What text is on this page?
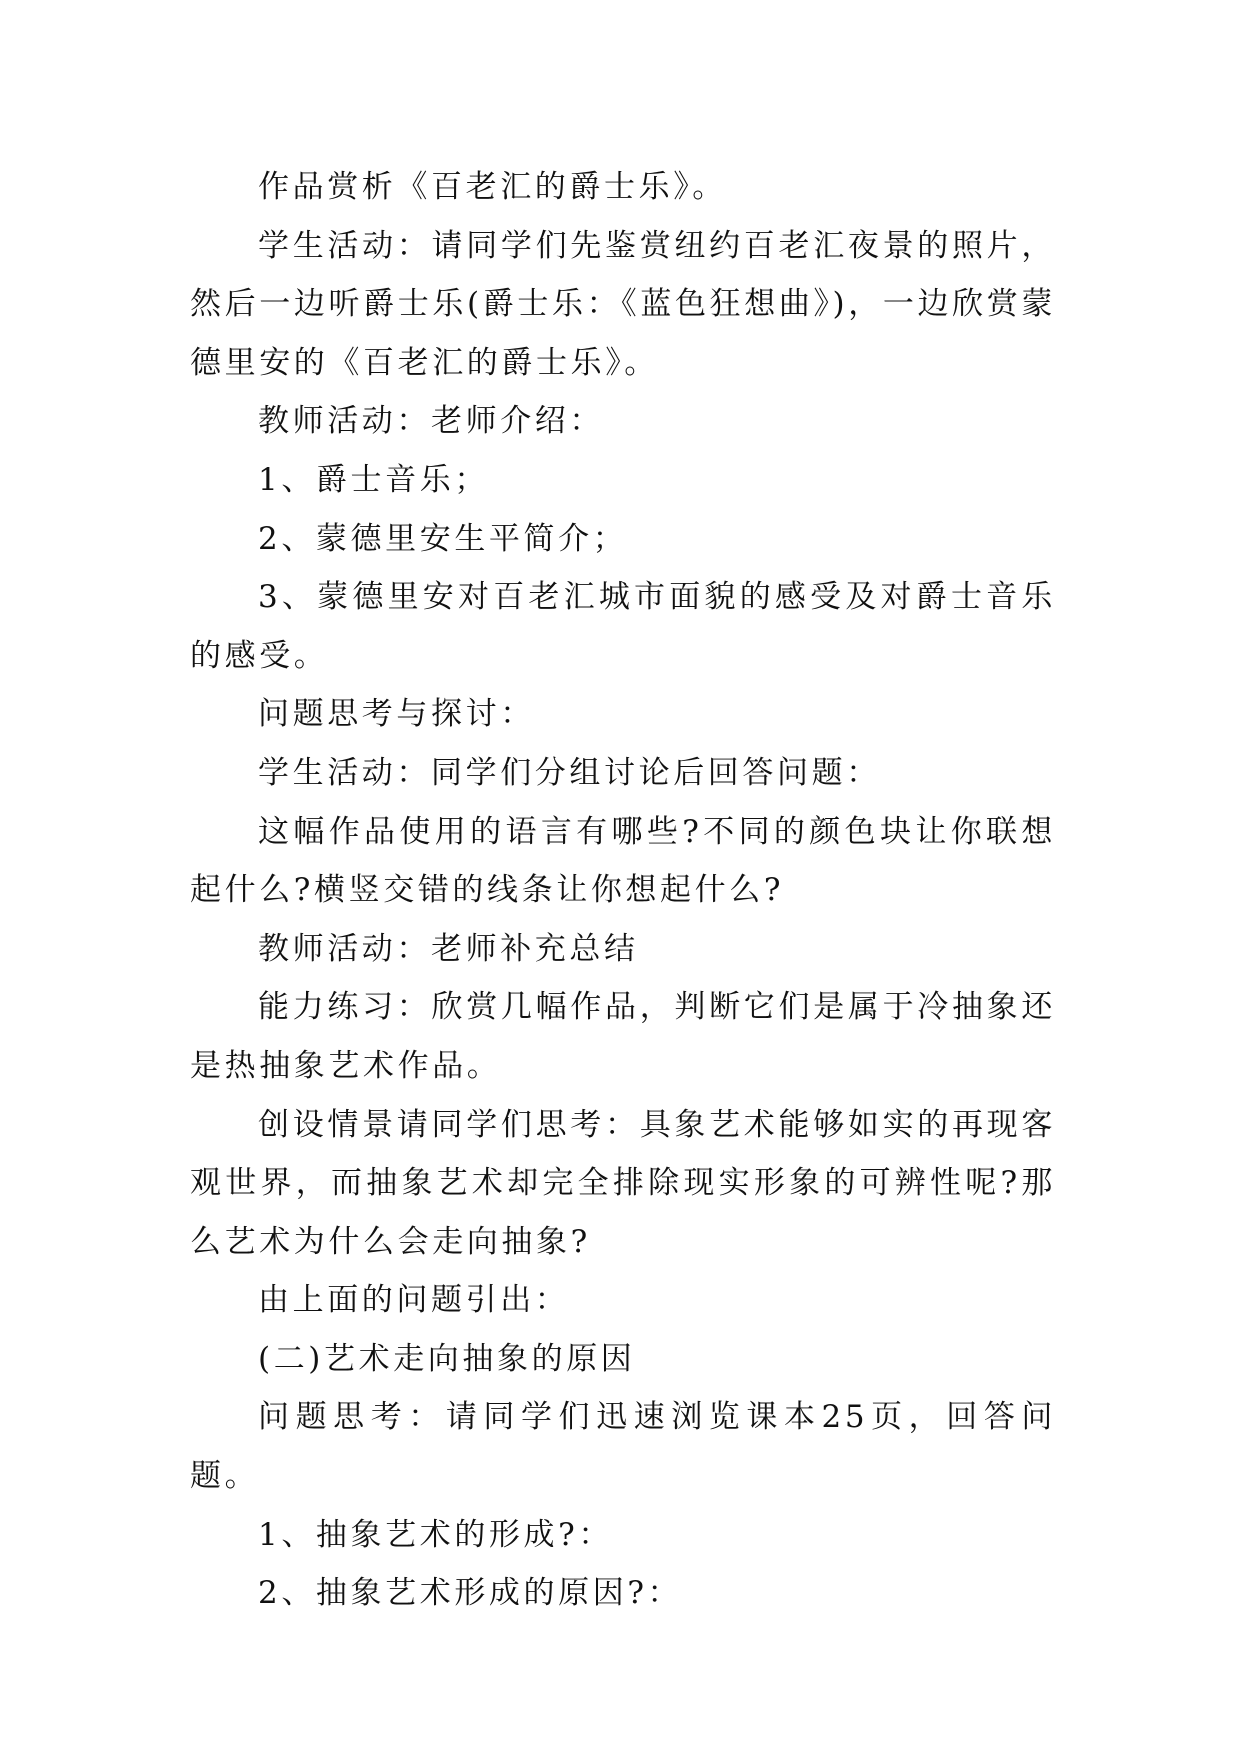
作品赏析《百老汇的爵士乐》。

学生活动：请同学们先鉴赏纽约百老汇夜景的照片，然后一边听爵士乐(爵士乐：《蓝色狂想曲》)，一边欣赏蒙德里安的《百老汇的爵士乐》。

教师活动：老师介绍：

1、爵士音乐；

2、蒙德里安生平简介；

3、蒙德里安对百老汇城市面貌的感受及对爵士音乐的感受。

问题思考与探讨：

学生活动：同学们分组讨论后回答问题：

这幅作品使用的语言有哪些?不同的颜色块让你联想起什么?横竖交错的线条让你想起什么?

教师活动：老师补充总结

能力练习：欣赏几幅作品，判断它们是属于冷抽象还是热抽象艺术作品。

创设情景请同学们思考：具象艺术能够如实的再现客观世界，而抽象艺术却完全排除现实形象的可辨性呢?那么艺术为什么会走向抽象?

由上面的问题引出：

(二)艺术走向抽象的原因

问题思考：请同学们迅速浏览课本25页，回答问题。

1、抽象艺术的形成?：

2、抽象艺术形成的原因?：
